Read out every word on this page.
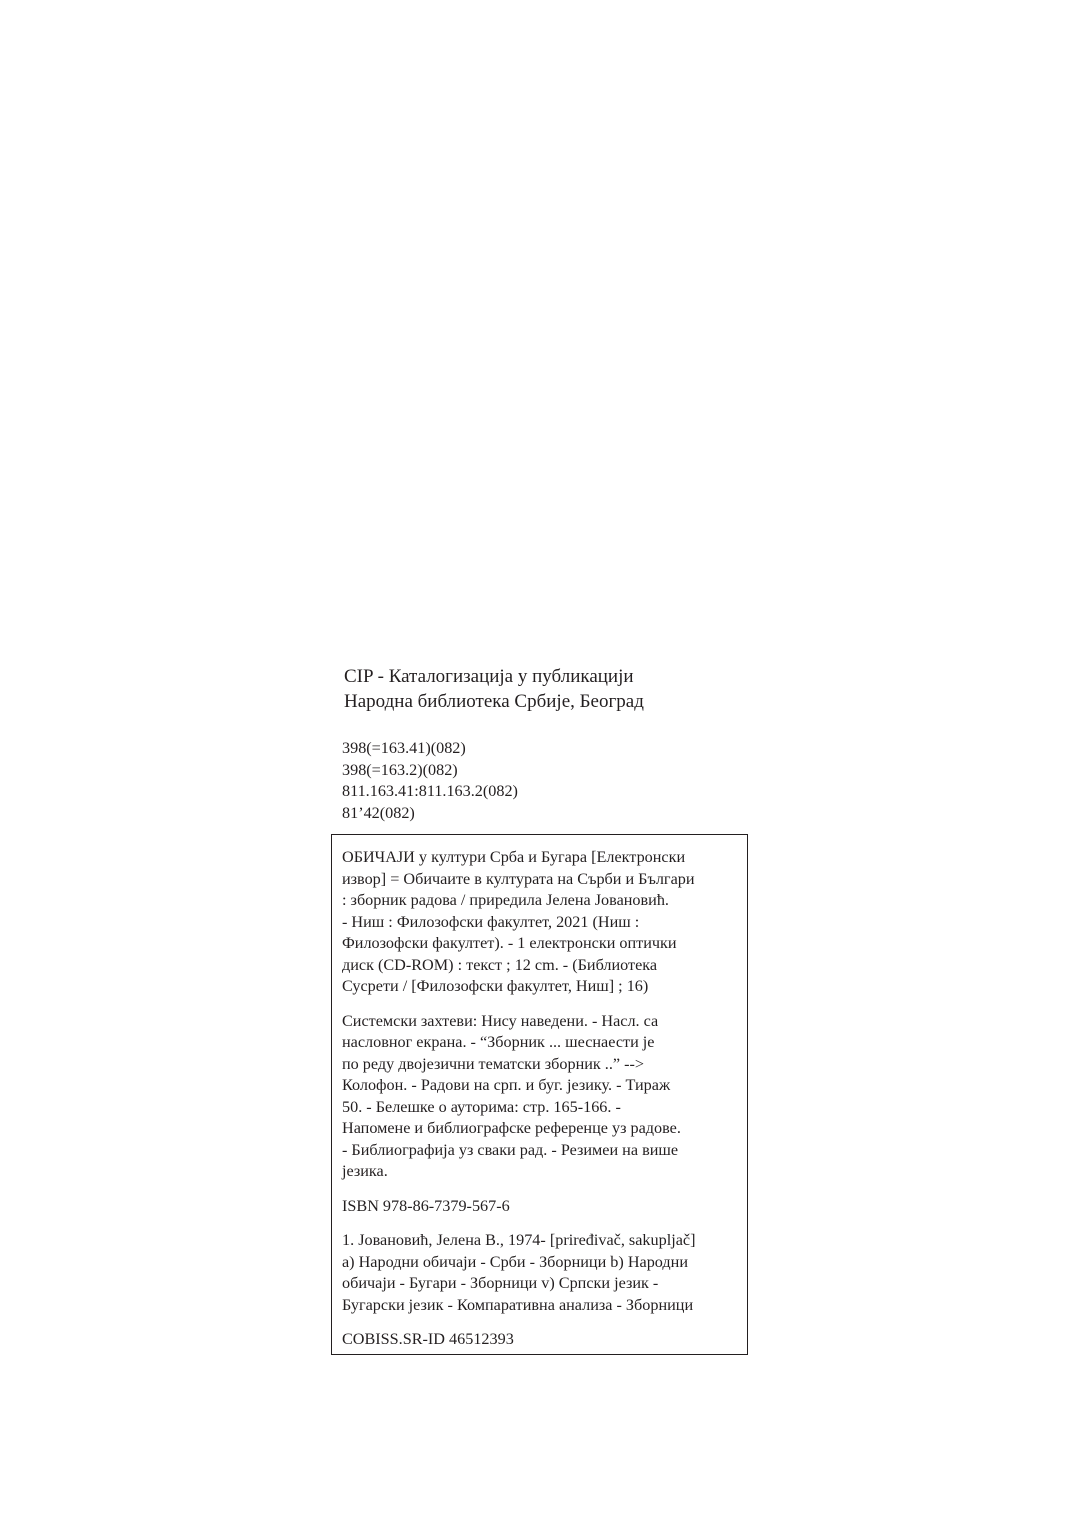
CIP - Каталогизација у публикацији
Народна библиотека Србије, Београд
398(=163.41)(082)
398(=163.2)(082)
811.163.41:811.163.2(082)
81’42(082)
ОБИЧАЈИ у култури Срба и Бугара [Електронски
извор] = Обичаите в културата на Сърби и Българи
: зборник радова / приредила Јелена Јовановић.
- Ниш : Филозофски факултет, 2021 (Ниш :
Филозофски факултет). - 1 електронски оптички
диск (CD-ROM) : текст ; 12 cm. - (Библиотека
Сусрети / [Филозофски факултет, Ниш] ; 16)
Системски захтеви: Нису наведени. - Насл. са
насловног екрана. - “Зборник ... шеснаести је
по реду двојезични тематски зборник ..” -->
Колофон. - Радови на срп. и буг. језику. - Тираж
50. - Белешке о ауторима: стр. 165-166. -
Напомене и библиографске референце уз радове.
- Библиографија уз сваки рад. - Резимеи на више
језика.
ISBN 978-86-7379-567-6
1. Јовановић, Јелена В., 1974- [priređivač, sakupljač]
а) Народни обичаји - Срби - Зборници b) Народни
обичаји - Бугари - Зборници v) Српски језик -
Бугарски језик - Компаративна анализа - Зборници
COBISS.SR-ID 46512393
